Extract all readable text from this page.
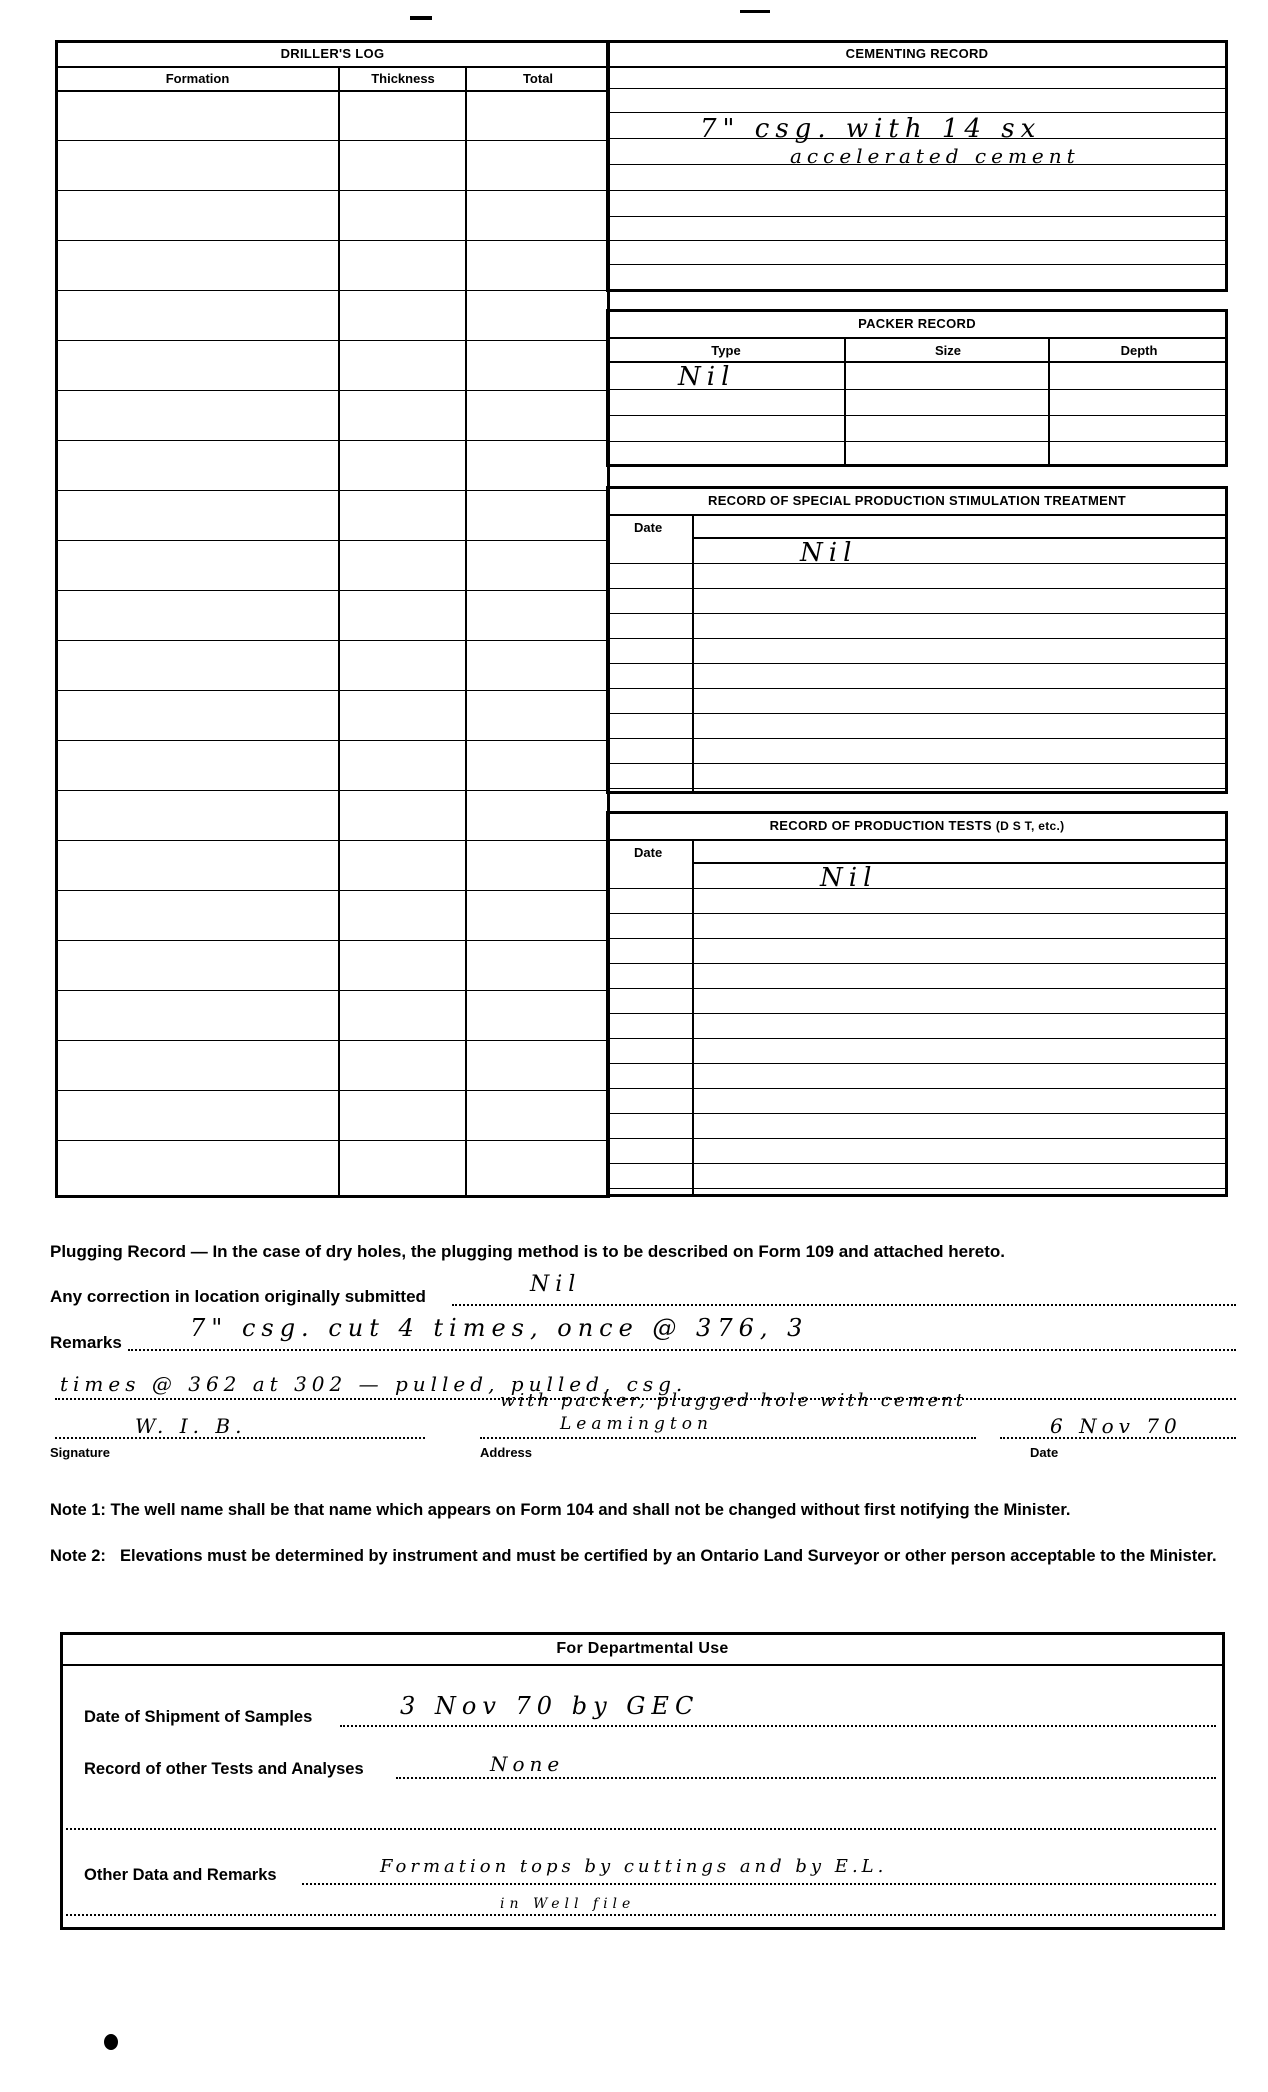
DRILLER'S LOG
Formation	Thickness	Total
CEMENTING RECORD
7" csg. with 14 sx
accelerated cement
PACKER RECORD
Type	Size	Depth
Nil
RECORD OF SPECIAL PRODUCTION STIMULATION TREATMENT
Date
Nil
RECORD OF PRODUCTION TESTS (D S T, etc.)
Date
Nil
Plugging Record — In the case of dry holes, the plugging method is to be described on Form 109 and attached hereto.
Any correction in location originally submitted	Nil
Remarks
7" csg. cut 4 times, once @ 376, 3
times @ 362 at 302 — pulled, pulled, csg.
with packer, plugged hole with cement
W. I. B.	Leamington	6 Nov 70
Signature	Address	Date
Note 1: The well name shall be that name which appears on Form 104 and shall not be changed without first notifying the Minister.
Note 2: Elevations must be determined by instrument and must be certified by an Ontario Land Surveyor or other person acceptable to the Minister.
For Departmental Use
Date of Shipment of Samples	3 Nov 70 by GEC
Record of other Tests and Analyses	None
Other Data and Remarks	Formation tops by cuttings and by E.L.
in Well file
